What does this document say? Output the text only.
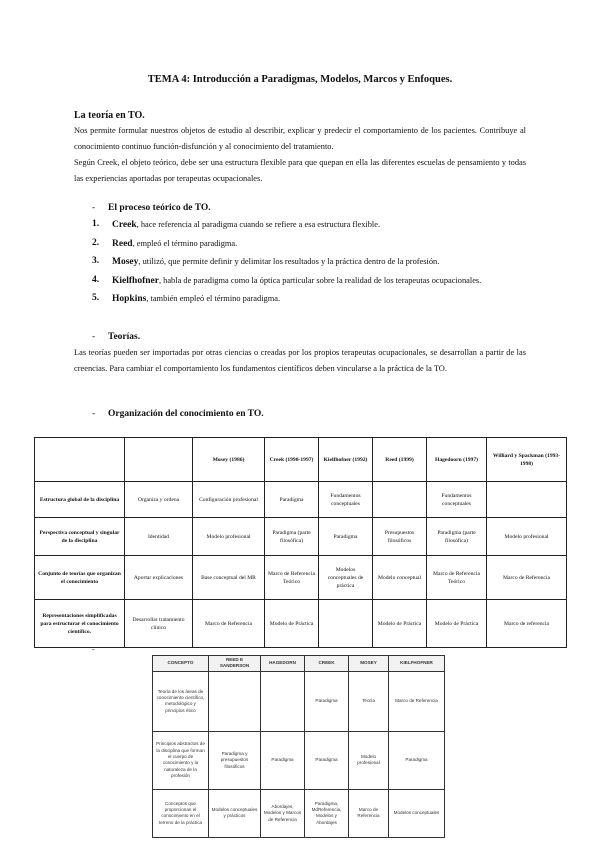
TEMA 4: Introducción a Paradigmas, Modelos, Marcos y Enfoques.
La teoría en TO.

Nos permite formular nuestros objetos de estudio al describir, explicar y predecir el comportamiento de los pacientes. Contribuye al conocimiento continuo función-disfunción y al conocimiento del tratamiento.

Según Creek, el objeto teórico, debe ser una estructura flexible para que quepan en ella las diferentes escuelas de pensamiento y todas las experiencias aportadas por terapeutas ocupacionales.

- El proceso teórico de TO.
1.	Creek, hace referencia al paradigma cuando se refiere a esa estructura flexible.
2.	Reed, empleó el término paradigma.
3.	Mosey, utilizó, que permite definir y delimitar los resultados y la práctica dentro de la profesión.
4.	Kielfhofner, habla de paradigma como la óptica particular sobre la realidad de los terapeutas ocupacionales.
5.	Hopkins, también empleó el término paradigma.
- Teorías.

Las teorías pueden ser importadas por otras ciencias o creadas por los propios terapeutas ocupacionales, se desarrollan a partir de las creencias. Para cambiar el comportamiento los fundamentos científicos deben vincularse a la práctica de la TO.

- Organización del conocimiento en TO.
		Mosey (1986)	Creek (1990-1997)	Kielfhofner (1992)	Reed (1999)	Hagedoorn (1997)	Williard y Spackman (1993-1998)
Estructura global de la disciplina	Organiza y ordena	Configuración profesional	Paradigma	Fundamentos conceptuales		Fundamentos conceptuales	
Perspectiva conceptual y singular de la disciplina	Identidad	Modelo profesional	Paradigma (parte filosófica)	Paradigma	Presupuestos filosóficos	Paradigma (parte filosófica)	Modelo profesional
Conjunto de teorías que organizan el conocimiento	Aportar explicaciones	Base conceptual del MR	Marco de Referencia Teórico	Modelos conceptuales de práctica	Modelo conceptual	Marco de Referencia Teórico	Marco de Referencia
Representaciones simplificadas para estructurar el conocimiento científico.	Desarrollar tratamiento clínico	Marco de Referencia	Modelo de Práctica		Modelo de Práctica	Modelo de Práctica	Marco de referencia
-
CONCEPTO	REED E SANDERSON	HAGEDORN	CREEK	MOSEY	KIELFHOFNER
Teoría de los áreas de conocimiento científico, metodológico y principios ético			Paradigma	Teoría	Marco de Referencia
Principios abstractos de la disciplina que forman el cuerpo de conocimiento y la naturaleza de la profesión	Paradigma y presupuestos filosóficos	Paradigma	Paradigma	Modelo profesional	Paradigma
Conceptos que proporcionan el conocimiento en el terreno de la práctica	Modelos conceptuales y prácticos	Abordajes, Modelos y Marcos de Referencia	Paradigma, MdReferencia, Modelos y Abordajes	Marco de Referencia	Modelos conceptuales
